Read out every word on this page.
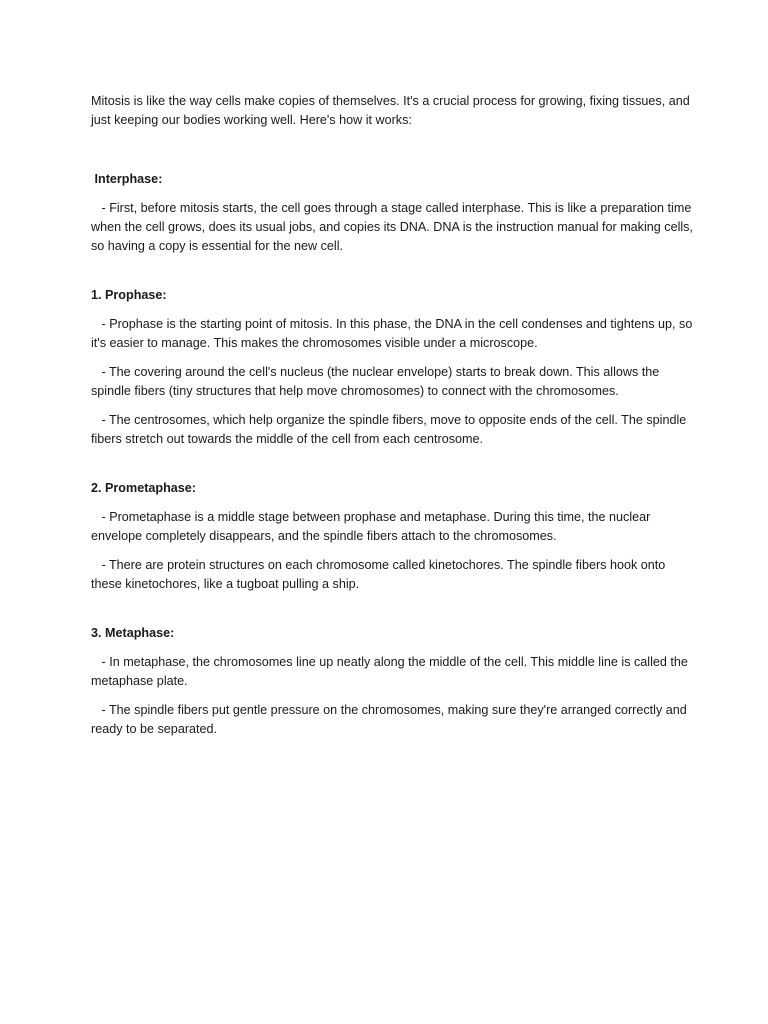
Mitosis is like the way cells make copies of themselves. It's a crucial process for growing, fixing tissues, and just keeping our bodies working well. Here's how it works:

Interphase:

- First, before mitosis starts, the cell goes through a stage called interphase. This is like a preparation time when the cell grows, does its usual jobs, and copies its DNA. DNA is the instruction manual for making cells, so having a copy is essential for the new cell.

1. Prophase:

- Prophase is the starting point of mitosis. In this phase, the DNA in the cell condenses and tightens up, so it's easier to manage. This makes the chromosomes visible under a microscope.

- The covering around the cell's nucleus (the nuclear envelope) starts to break down. This allows the spindle fibers (tiny structures that help move chromosomes) to connect with the chromosomes.

- The centrosomes, which help organize the spindle fibers, move to opposite ends of the cell. The spindle fibers stretch out towards the middle of the cell from each centrosome.

2. Prometaphase:

- Prometaphase is a middle stage between prophase and metaphase. During this time, the nuclear envelope completely disappears, and the spindle fibers attach to the chromosomes.

- There are protein structures on each chromosome called kinetochores. The spindle fibers hook onto these kinetochores, like a tugboat pulling a ship.

3. Metaphase:

- In metaphase, the chromosomes line up neatly along the middle of the cell. This middle line is called the metaphase plate.

- The spindle fibers put gentle pressure on the chromosomes, making sure they're arranged correctly and ready to be separated.
